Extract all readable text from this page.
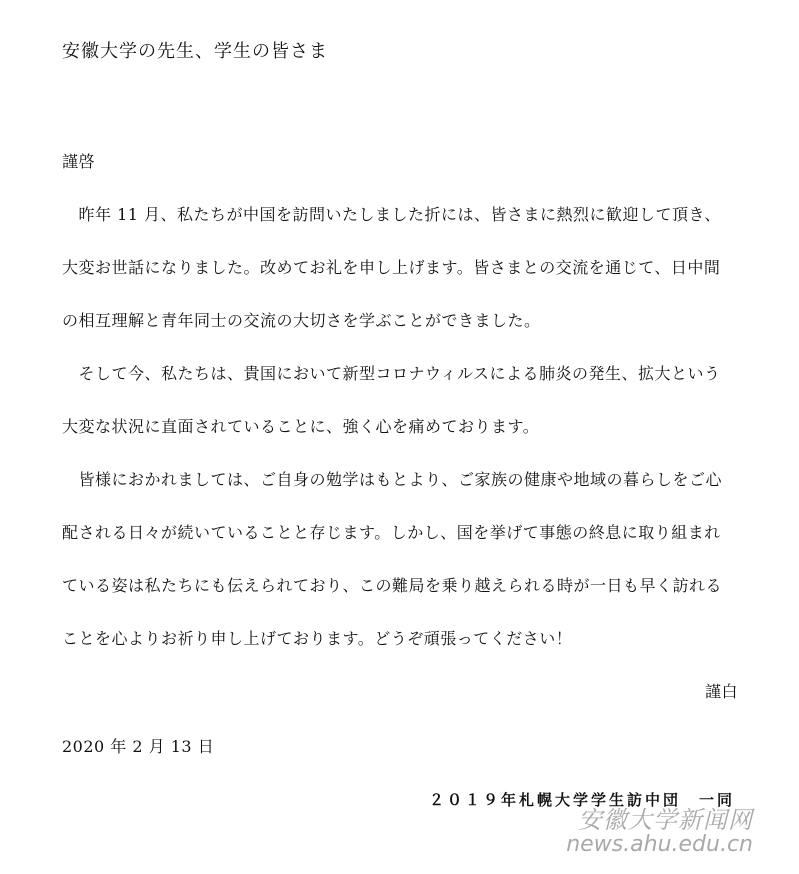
安徽大学の先生、学生の皆さま
謹啓
　昨年 11 月、私たちが中国を訪問いたしました折には、皆さまに熱烈に歓迎して頂き、
大変お世話になりました。改めてお礼を申し上げます。皆さまとの交流を通じて、日中間
の相互理解と青年同士の交流の大切さを学ぶことができました。
　そして今、私たちは、貴国において新型コロナウィルスによる肺炎の発生、拡大という
大変な状況に直面されていることに、強く心を痛めております。
　皆様におかれましては、ご自身の勉学はもとより、ご家族の健康や地域の暮らしをご心
配される日々が続いていることと存じます。しかし、国を挙げて事態の終息に取り組まれ
ている姿は私たちにも伝えられており、この難局を乗り越えられる時が一日も早く訪れる
ことを心よりお祈り申し上げております。どうぞ頑張ってください！
謹白
2020 年 2 月 13 日
２０１９年札幌大学学生訪中団　一同
安徽大学新闻网
news.ahu.edu.cn
